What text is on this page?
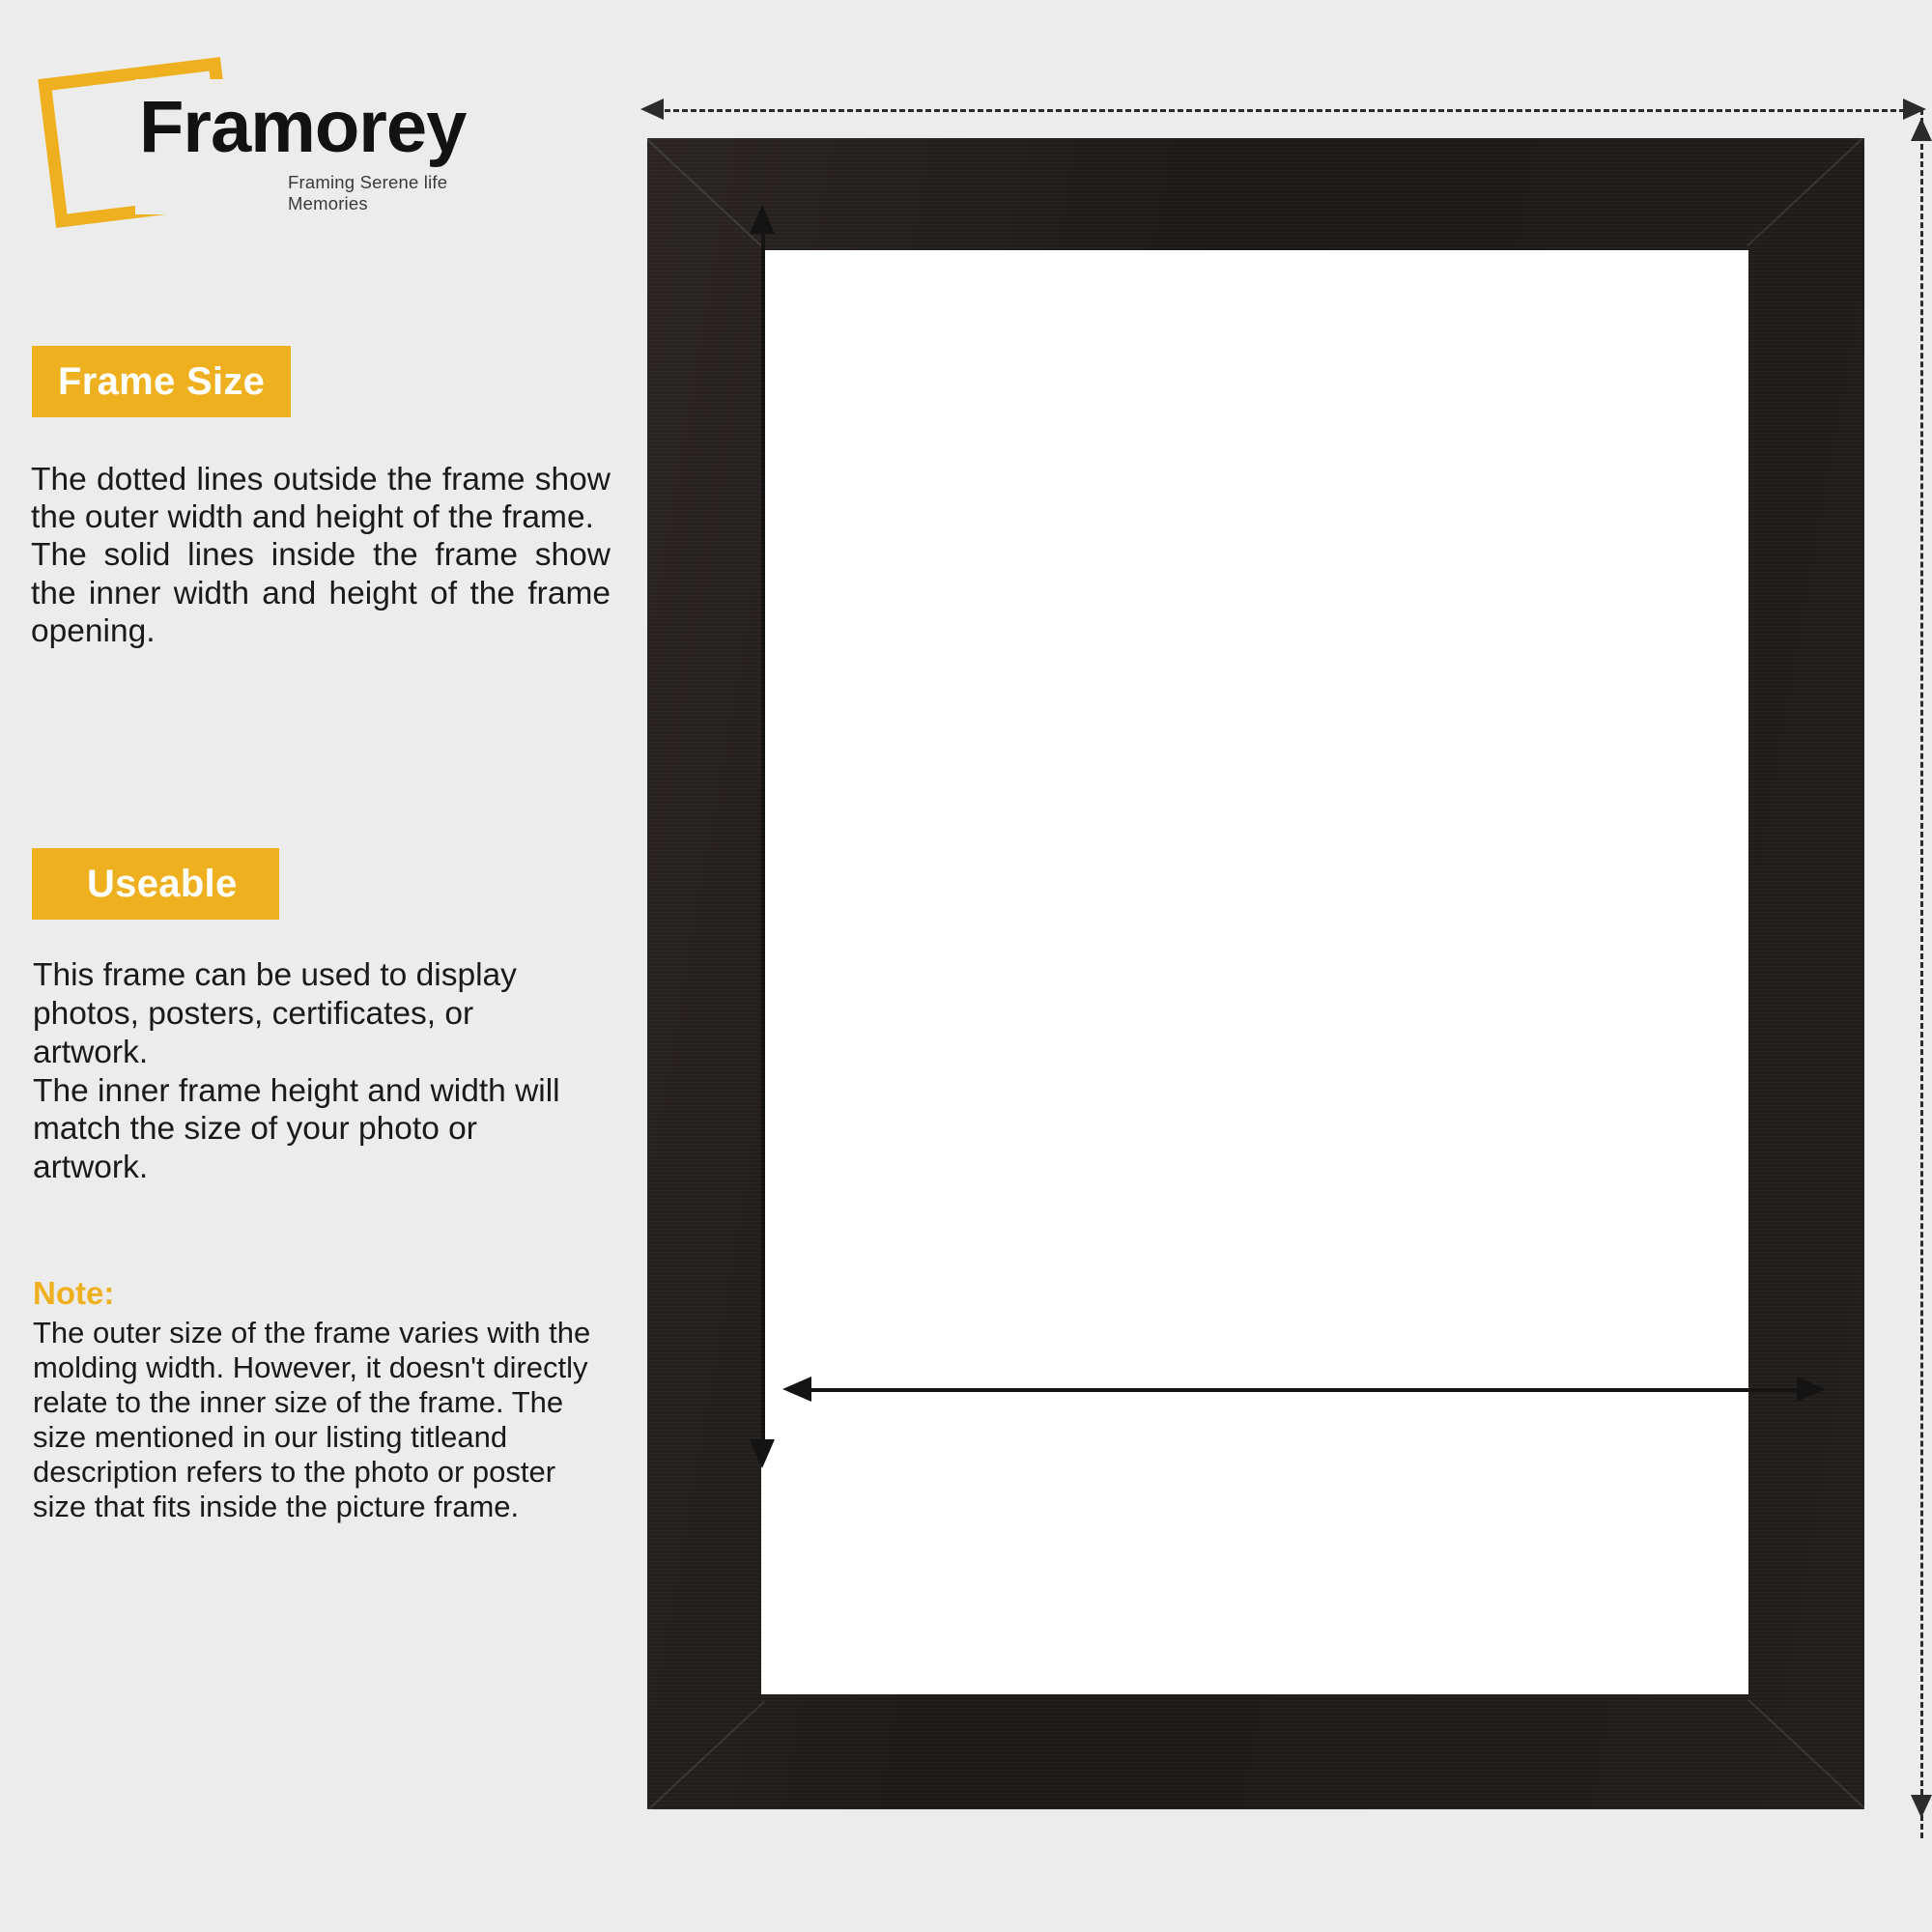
Framorey
Framing Serene life Memories
Frame Size
The dotted lines outside the frame show the outer width and height of the frame.
The solid lines inside the frame show the inner width and height of the frame opening.
Useable
This frame can be used to display photos, posters, certificates, or artwork.
The inner frame height and width will match the size of your photo or artwork.
Note:
The outer size of the frame varies with the molding width. However, it doesn't directly relate to the inner size of the frame. The size mentioned in our listing titleand description refers to the photo or poster size that fits inside the picture frame.
